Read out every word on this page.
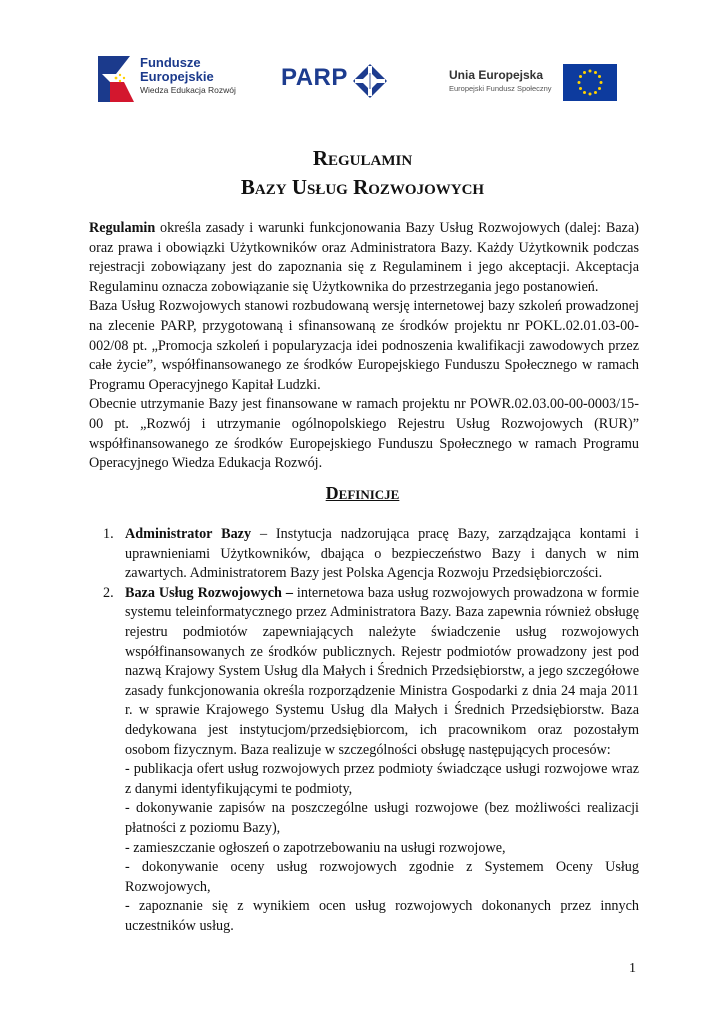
Fundusze
Europejskie
Wiedza Edukacja Rozwój PARP	Unia Europejska
Europejski Fundusz Społeczny
Regulamin
Bazy Usług Rozwojowych

Regulamin określa zasady i warunki funkcjonowania Bazy Usług Rozwojowych (dalej: Baza) oraz prawa i obowiązki Użytkowników oraz Administratora Bazy. Każdy Użytkownik podczas rejestracji zobowiązany jest do zapoznania się z Regulaminem i jego akceptacji. Akceptacja Regulaminu oznacza zobowiązanie się Użytkownika do przestrzegania jego postanowień.

Baza Usług Rozwojowych stanowi rozbudowaną wersję internetowej bazy szkoleń prowadzonej na zlecenie PARP, przygotowaną i sfinansowaną ze środków projektu nr POKL.02.01.03-00-002/08 pt. „Promocja szkoleń i popularyzacja idei podnoszenia kwalifikacji zawodowych przez całe życie”, współfinansowanego ze środków Europejskiego Funduszu Społecznego w ramach Programu Operacyjnego Kapitał Ludzki.

Obecnie utrzymanie Bazy jest finansowane w ramach projektu nr POWR.02.03.00-00-0003/15-00 pt. „Rozwój i utrzymanie ogólnopolskiego Rejestru Usług Rozwojowych (RUR)” współfinansowanego ze środków Europejskiego Funduszu Społecznego w ramach Programu Operacyjnego Wiedza Edukacja Rozwój.

Definicje
1. Administrator Bazy – Instytucja nadzorująca pracę Bazy, zarządzająca kontami i uprawnieniami Użytkowników, dbająca o bezpieczeństwo Bazy i danych w nim zawartych. Administratorem Bazy jest Polska Agencja Rozwoju Przedsiębiorczości.
2. Baza Usług Rozwojowych – internetowa baza usług rozwojowych prowadzona w formie systemu teleinformatycznego przez Administratora Bazy. Baza zapewnia również obsługę rejestru podmiotów zapewniających należyte świadczenie usług rozwojowych współfinansowanych ze środków publicznych. Rejestr podmiotów prowadzony jest pod nazwą Krajowy System Usług dla Małych i Średnich Przedsiębiorstw, a jego szczegółowe zasady funkcjonowania określa rozporządzenie Ministra Gospodarki z dnia 24 maja 2011 r. w sprawie Krajowego Systemu Usług dla Małych i Średnich Przedsiębiorstw. Baza dedykowana jest instytucjom/przedsiębiorcom, ich pracownikom oraz pozostałym osobom fizycznym. Baza realizuje w szczególności obsługę następujących procesów:
- publikacja ofert usług rozwojowych przez podmioty świadczące usługi rozwojowe wraz z danymi identyfikującymi te podmioty,
- dokonywanie zapisów na poszczególne usługi rozwojowe (bez możliwości realizacji płatności z poziomu Bazy),
- zamieszczanie ogłoszeń o zapotrzebowaniu na usługi rozwojowe,
- dokonywanie oceny usług rozwojowych zgodnie z Systemem Oceny Usług Rozwojowych,
- zapoznanie się z wynikiem ocen usług rozwojowych dokonanych przez innych uczestników usług.
1
